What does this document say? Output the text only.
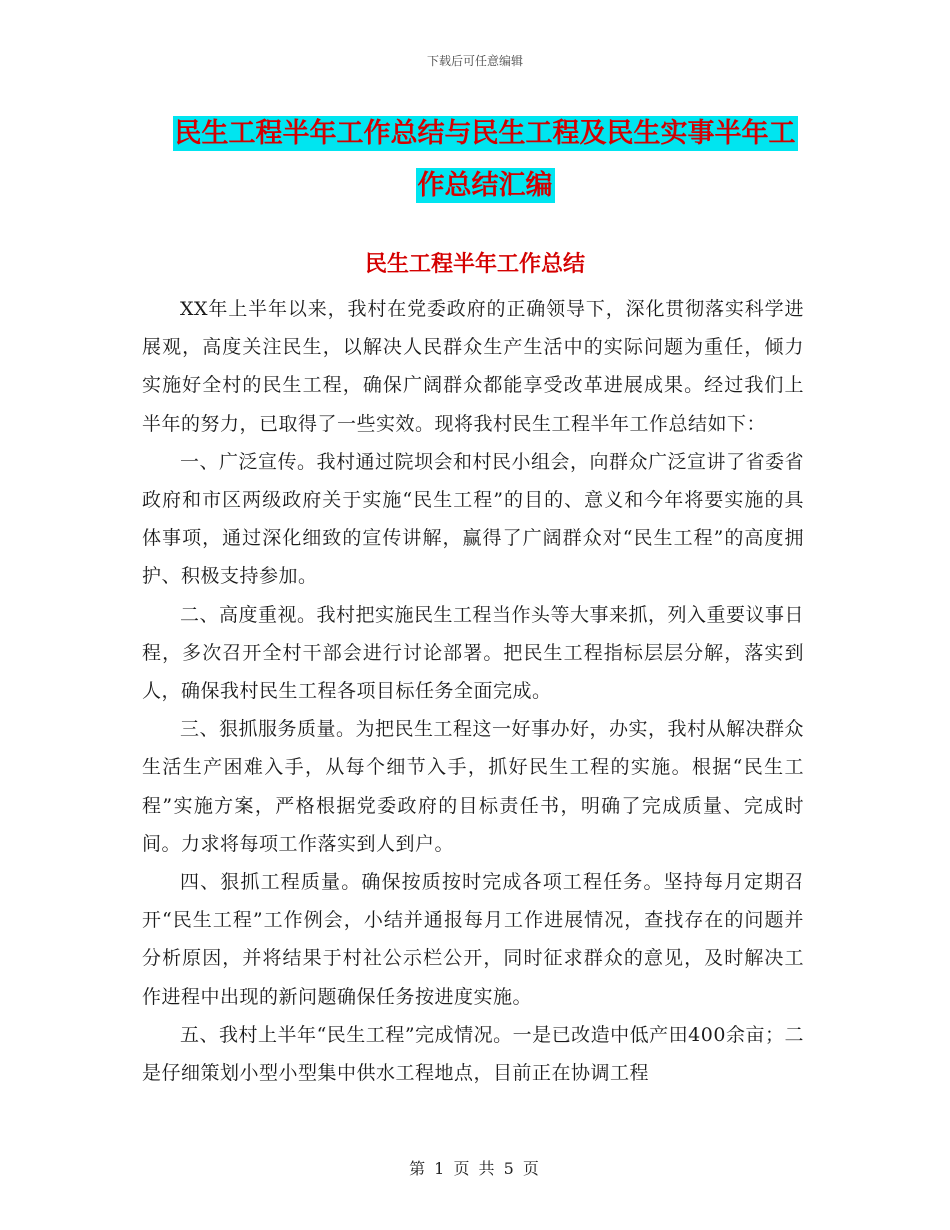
下载后可任意编辑
民生工程半年工作总结与民生工程及民生实事半年工
作总结汇编
民生工程半年工作总结

XX年上半年以来，我村在党委政府的正确领导下，深化贯彻落实科学进展观，高度关注民生，以解决人民群众生产生活中的实际问题为重任，倾力实施好全村的民生工程，确保广阔群众都能享受改革进展成果。经过我们上半年的努力，已取得了一些实效。现将我村民生工程半年工作总结如下：

一、广泛宣传。我村通过院坝会和村民小组会，向群众广泛宣讲了省委省政府和市区两级政府关于实施“民生工程”的目的、意义和今年将要实施的具体事项，通过深化细致的宣传讲解，赢得了广阔群众对“民生工程”的高度拥护、积极支持参加。

二、高度重视。我村把实施民生工程当作头等大事来抓，列入重要议事日程，多次召开全村干部会进行讨论部署。把民生工程指标层层分解，落实到人，确保我村民生工程各项目标任务全面完成。

三、狠抓服务质量。为把民生工程这一好事办好，办实，我村从解决群众生活生产困难入手，从每个细节入手，抓好民生工程的实施。根据“民生工程”实施方案，严格根据党委政府的目标责任书，明确了完成质量、完成时间。力求将每项工作落实到人到户。

四、狠抓工程质量。确保按质按时完成各项工程任务。坚持每月定期召开“民生工程”工作例会，小结并通报每月工作进展情况，查找存在的问题并分析原因，并将结果于村社公示栏公开，同时征求群众的意见，及时解决工作进程中出现的新问题确保任务按进度实施。

五、我村上半年“民生工程”完成情况。一是已改造中低产田400余亩；二是仔细策划小型小型集中供水工程地点，目前正在协调工程

第 1 页 共 5 页
